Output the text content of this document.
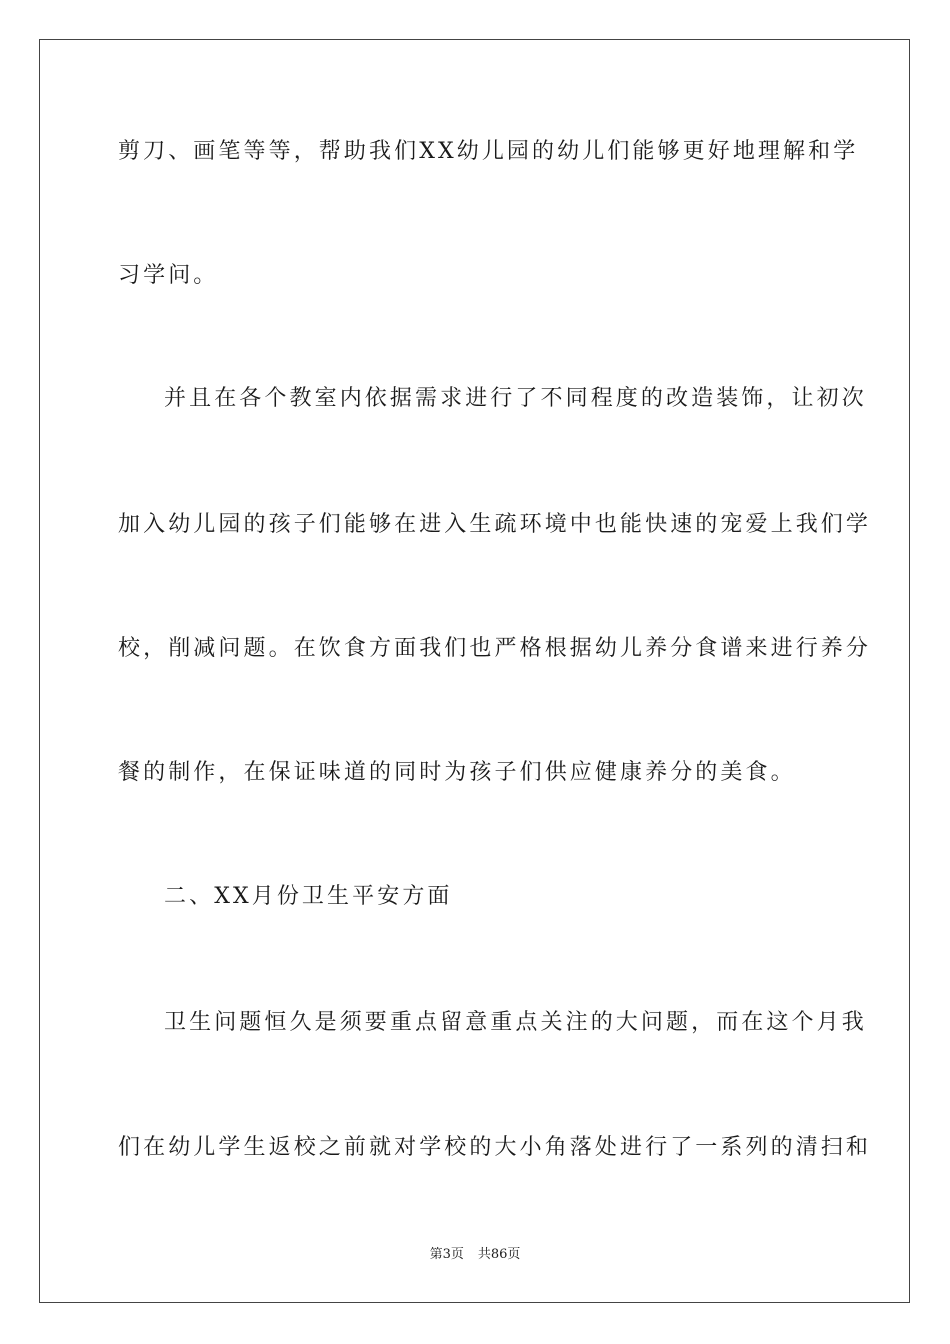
剪刀、画笔等等，帮助我们XX幼儿园的幼儿们能够更好地理解和学
习学问。
并且在各个教室内依据需求进行了不同程度的改造装饰，让初次
加入幼儿园的孩子们能够在进入生疏环境中也能快速的宠爱上我们学
校，削减问题。在饮食方面我们也严格根据幼儿养分食谱来进行养分
餐的制作，在保证味道的同时为孩子们供应健康养分的美食。
二、XX月份卫生平安方面
卫生问题恒久是须要重点留意重点关注的大问题，而在这个月我
们在幼儿学生返校之前就对学校的大小角落处进行了一系列的清扫和
第3页 共86页
